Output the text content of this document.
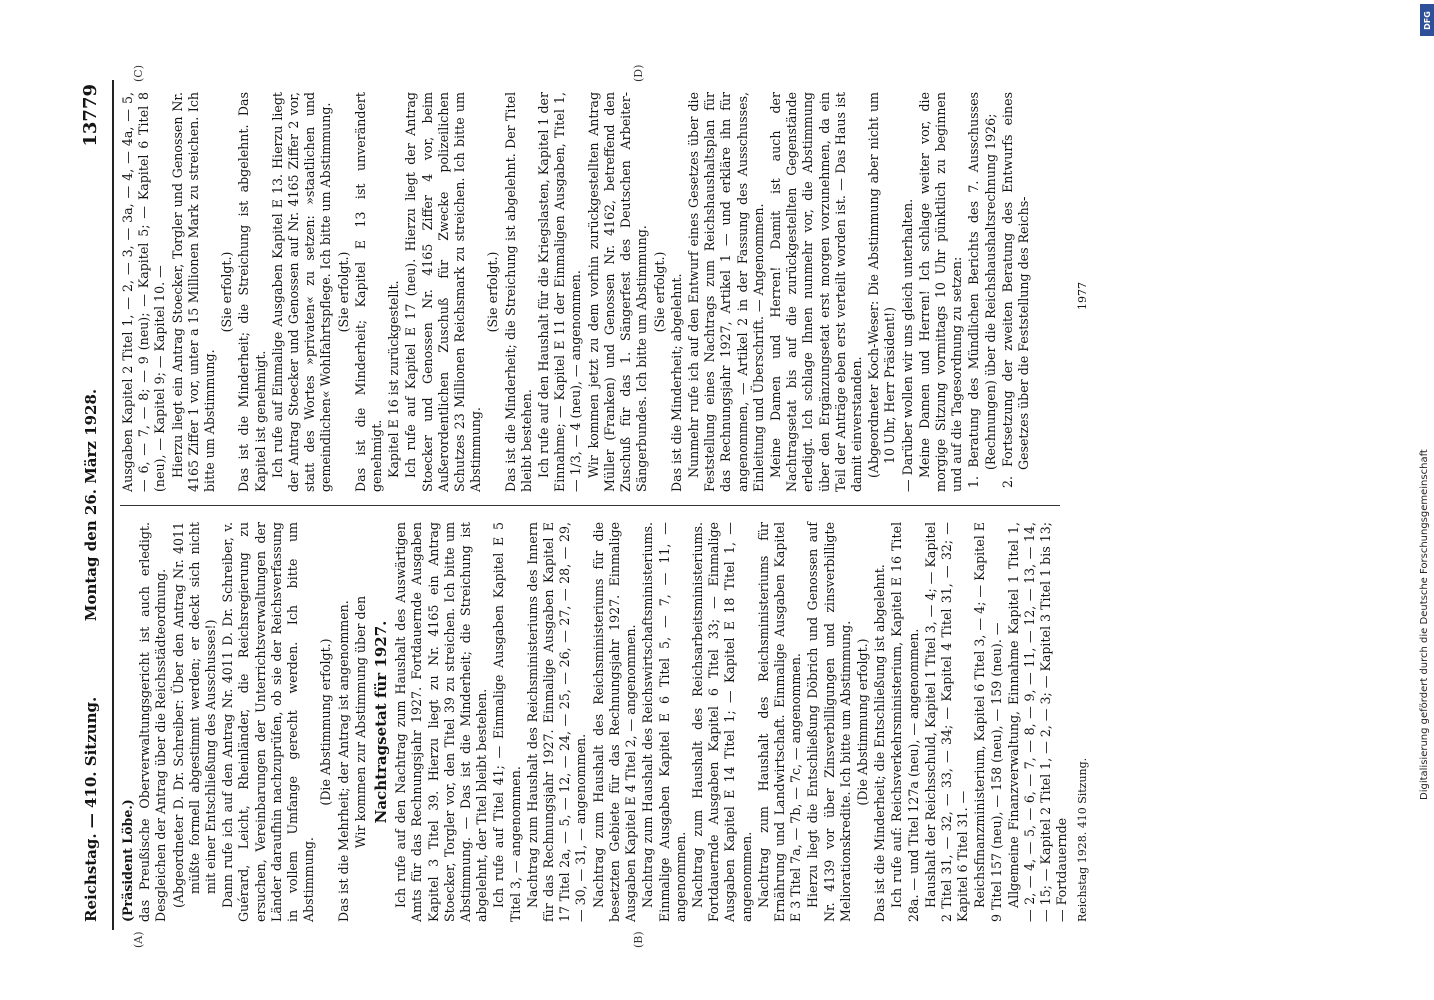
Reichstag. — 410. Sitzung.
Montag den 26. März 1928.
13779

(Präsident Löbe.) das Preußische Oberverwaltungsgericht ist auch erledigt. Desgleichen der Antrag über die Reichsstädteordnung. (Abgeordneter D. Dr. Schreiber: Über den Antrag Nr. 4011 müßte formell abgestimmt werden; er deckt sich nicht mit einer Entschließung des Ausschusses!) Dann rufe ich auf den Antrag Nr. 4011 D. Dr. Schreiber, v. Guérard, Leicht, Rheinländer, die Reichsregierung zu ersuchen, Vereinbarungen der Unterrichtsverwaltungen der Länder daraufhin nachzuprüfen, ob sie der Reichsverfassung in vollem Umfange gerecht werden. Ich bitte um Abstimmung.

(Die Abstimmung erfolgt.) Das ist die Mehrheit; der Antrag ist angenommen. Wir kommen zur Abstimmung über den Nachtragsetat für 1927. Ich rufe auf den Nachtrag zum Haushalt des Auswärtigen Amts für das Rechnungsjahr 1927. Fortdauernde Ausgaben Kapitel 3 Titel 39. Hierzu liegt zu Nr. 4165 ein Antrag Stoecker, Torgler vor, den Titel 39 zu streichen. Ich bitte um Abstimmung. — Das ist die Minderheit; die Streichung ist abgelehnt, der Titel bleibt bestehen. Ich rufe auf Titel 41; — Einmalige Ausgaben Kapitel E 5 Titel 3, — angenommen. Nachtrag zum Haushalt des Reichsministeriums des Innern für das Rechnungsjahr 1927. Einmalige Ausgaben Kapitel E 17 Titel 2a, — 5, — 12, — 24, — 25, — 26, — 27, — 28, — 29, — 30, — 31, — angenommen. Nachtrag zum Haushalt des Reichsministeriums für die besetzten Gebiete für das Rechnungsjahr 1927. Einmalige Ausgaben Kapitel E 4 Titel 2, — angenommen. Nachtrag zum Haushalt des Reichswirtschaftsministeriums. Einmalige Ausgaben Kapitel E 6 Titel 5, — 7, — 11, — angenommen. Nachtrag zum Haushalt des Reichsarbeitsministeriums. Fortdauernde Ausgaben Kapitel 6 Titel 33; — Einmalige Ausgaben Kapitel E 14 Titel 1; — Kapitel E 18 Titel 1, — angenommen. Nachtrag zum Haushalt des Reichsministeriums für Ernährung und Landwirtschaft. Einmalige Ausgaben Kapitel E 3 Titel 7a, — 7b, — 7c, — angenommen. Hierzu liegt die Entschließung Döbrich und Genossen auf Nr. 4139 vor über Zinsverbilligungen und zinsverbilligte Meliorationskredite. Ich bitte um Abstimmung. (Die Abstimmung erfolgt.) Das ist die Minderheit; die Entschließung ist abgelehnt. Ich rufe auf: Reichsverkehrsministerium, Kapitel E 16 Titel 28a. — und Titel 127a (neu), — angenommen. Haushalt der Reichsschuld, Kapitel 1 Titel 3, — 4; — Kapitel 2 Titel 31, — 32, — 33, — 34; — Kapitel 4 Titel 31, — 32; — Kapitel 6 Titel 31. — Reichsfinanzministerium, Kapitel 6 Titel 3, — 4; — Kapitel E 9 Titel 157 (neu), — 158 (neu), — 159 (neu). — Allgemeine Finanzverwaltung, Einnahme Kapitel 1 Titel 1, — 2, — 4, — 5, — 6, — 7, — 8, — 9, — 11, — 12, — 13, — 14, — 15; — Kapitel 2 Titel 1, — 2, — 3; — Kapitel 3 Titel 1 bis 13; — Fortdauernde

Ausgaben Kapitel 2 Titel 1, — 2, — 3, — 3a, — 4, — 4a, — 5, — 6, — 7, — 8; — 9 (neu); — Kapitel 5; — Kapitel 6 Titel 8 (neu), — Kapitel 9; — Kapitel 10. — Hierzu liegt ein Antrag Stoecker, Torgler und Genossen Nr. 4165 Ziffer 1 vor, unter a 15 Millionen Mark zu streichen. Ich bitte um Abstimmung.

(Sie erfolgt.) Das ist die Minderheit; die Streichung ist abgelehnt. Das Kapitel ist genehmigt. Ich rufe auf Einmalige Ausgaben Kapitel E 13. Hierzu liegt der Antrag Stoecker und Genossen auf Nr. 4165 Ziffer 2 vor, statt des Wortes »privaten« zu setzen: »staatlichen und gemeindlichen« Wohlfahrtspflege. Ich bitte um Abstimmung. (Sie erfolgt.) Das ist die Minderheit; Kapitel E 13 ist unverändert genehmigt. Kapitel E 16 ist zurückgestellt. Ich rufe auf Kapitel E 17 (neu). Hierzu liegt der Antrag Stoecker und Genossen Nr. 4165 Ziffer 4 vor, beim Außerordentlichen Zuschuß für Zwecke polizeilichen Schutzes 23 Millionen Reichsmark zu streichen. Ich bitte um Abstimmung.

(Sie erfolgt.) Das ist die Minderheit; die Streichung ist abgelehnt. Der Titel bleibt bestehen. Ich rufe auf den Haushalt für die Kriegslasten, Kapitel 1 der Einnahme; — Kapitel E 11 der Einmaligen Ausgaben, Titel 1, — 1/3, — 4 (neu), — angenommen. Wir kommen jetzt zu dem vorhin zurückgestellten Antrag Müller (Franken) und Genossen Nr. 4162, betreffend den Zuschuß für das 1. Sängerfest des Deutschen Arbeiter-Sängerbundes. Ich bitte um Abstimmung. (Sie erfolgt.) Das ist die Minderheit; abgelehnt. Nunmehr rufe ich auf den Entwurf eines Gesetzes über die Feststellung eines Nachtrags zum Reichshaushaltsplan für das Rechnungsjahr 1927, Artikel 1 — und erkläre ihn für angenommen, — Artikel 2 in der Fassung des Ausschusses, Einleitung und Überschrift. — Angenommen. Meine Damen und Herren! Damit ist auch der Nachtragsetat bis auf die zurückgestellten Gegenstände erledigt. Ich schlage Ihnen nunmehr vor, die Abstimmung über den Ergänzungsetat erst morgen vorzunehmen, da ein Teil der Anträge eben erst verteilt worden ist. — Das Haus ist damit einverstanden. (Abgeordneter Koch-Weser: Die Abstimmung aber nicht um 10 Uhr, Herr Präsident!) — Darüber wollen wir uns gleich unterhalten. Meine Damen und Herren! Ich schlage weiter vor, die morgige Sitzung vormittags 10 Uhr pünktlich zu beginnen und auf die Tagesordnung zu setzen: 1. Beratung des Mündlichen Berichts des 7. Ausschusses (Rechnungen) über die Reichshaushaltsrechnung 1926; 2. Fortsetzung der zweiten Beratung des Entwurfs eines Gesetzes über die Feststellung des Reichs-

(A)	(B)
(C)	(D)
Reichstag 1928. 410 Sitzung.
1977
DFG
Digitalisierung gefördert durch die Deutsche Forschungsgemeinschaft
